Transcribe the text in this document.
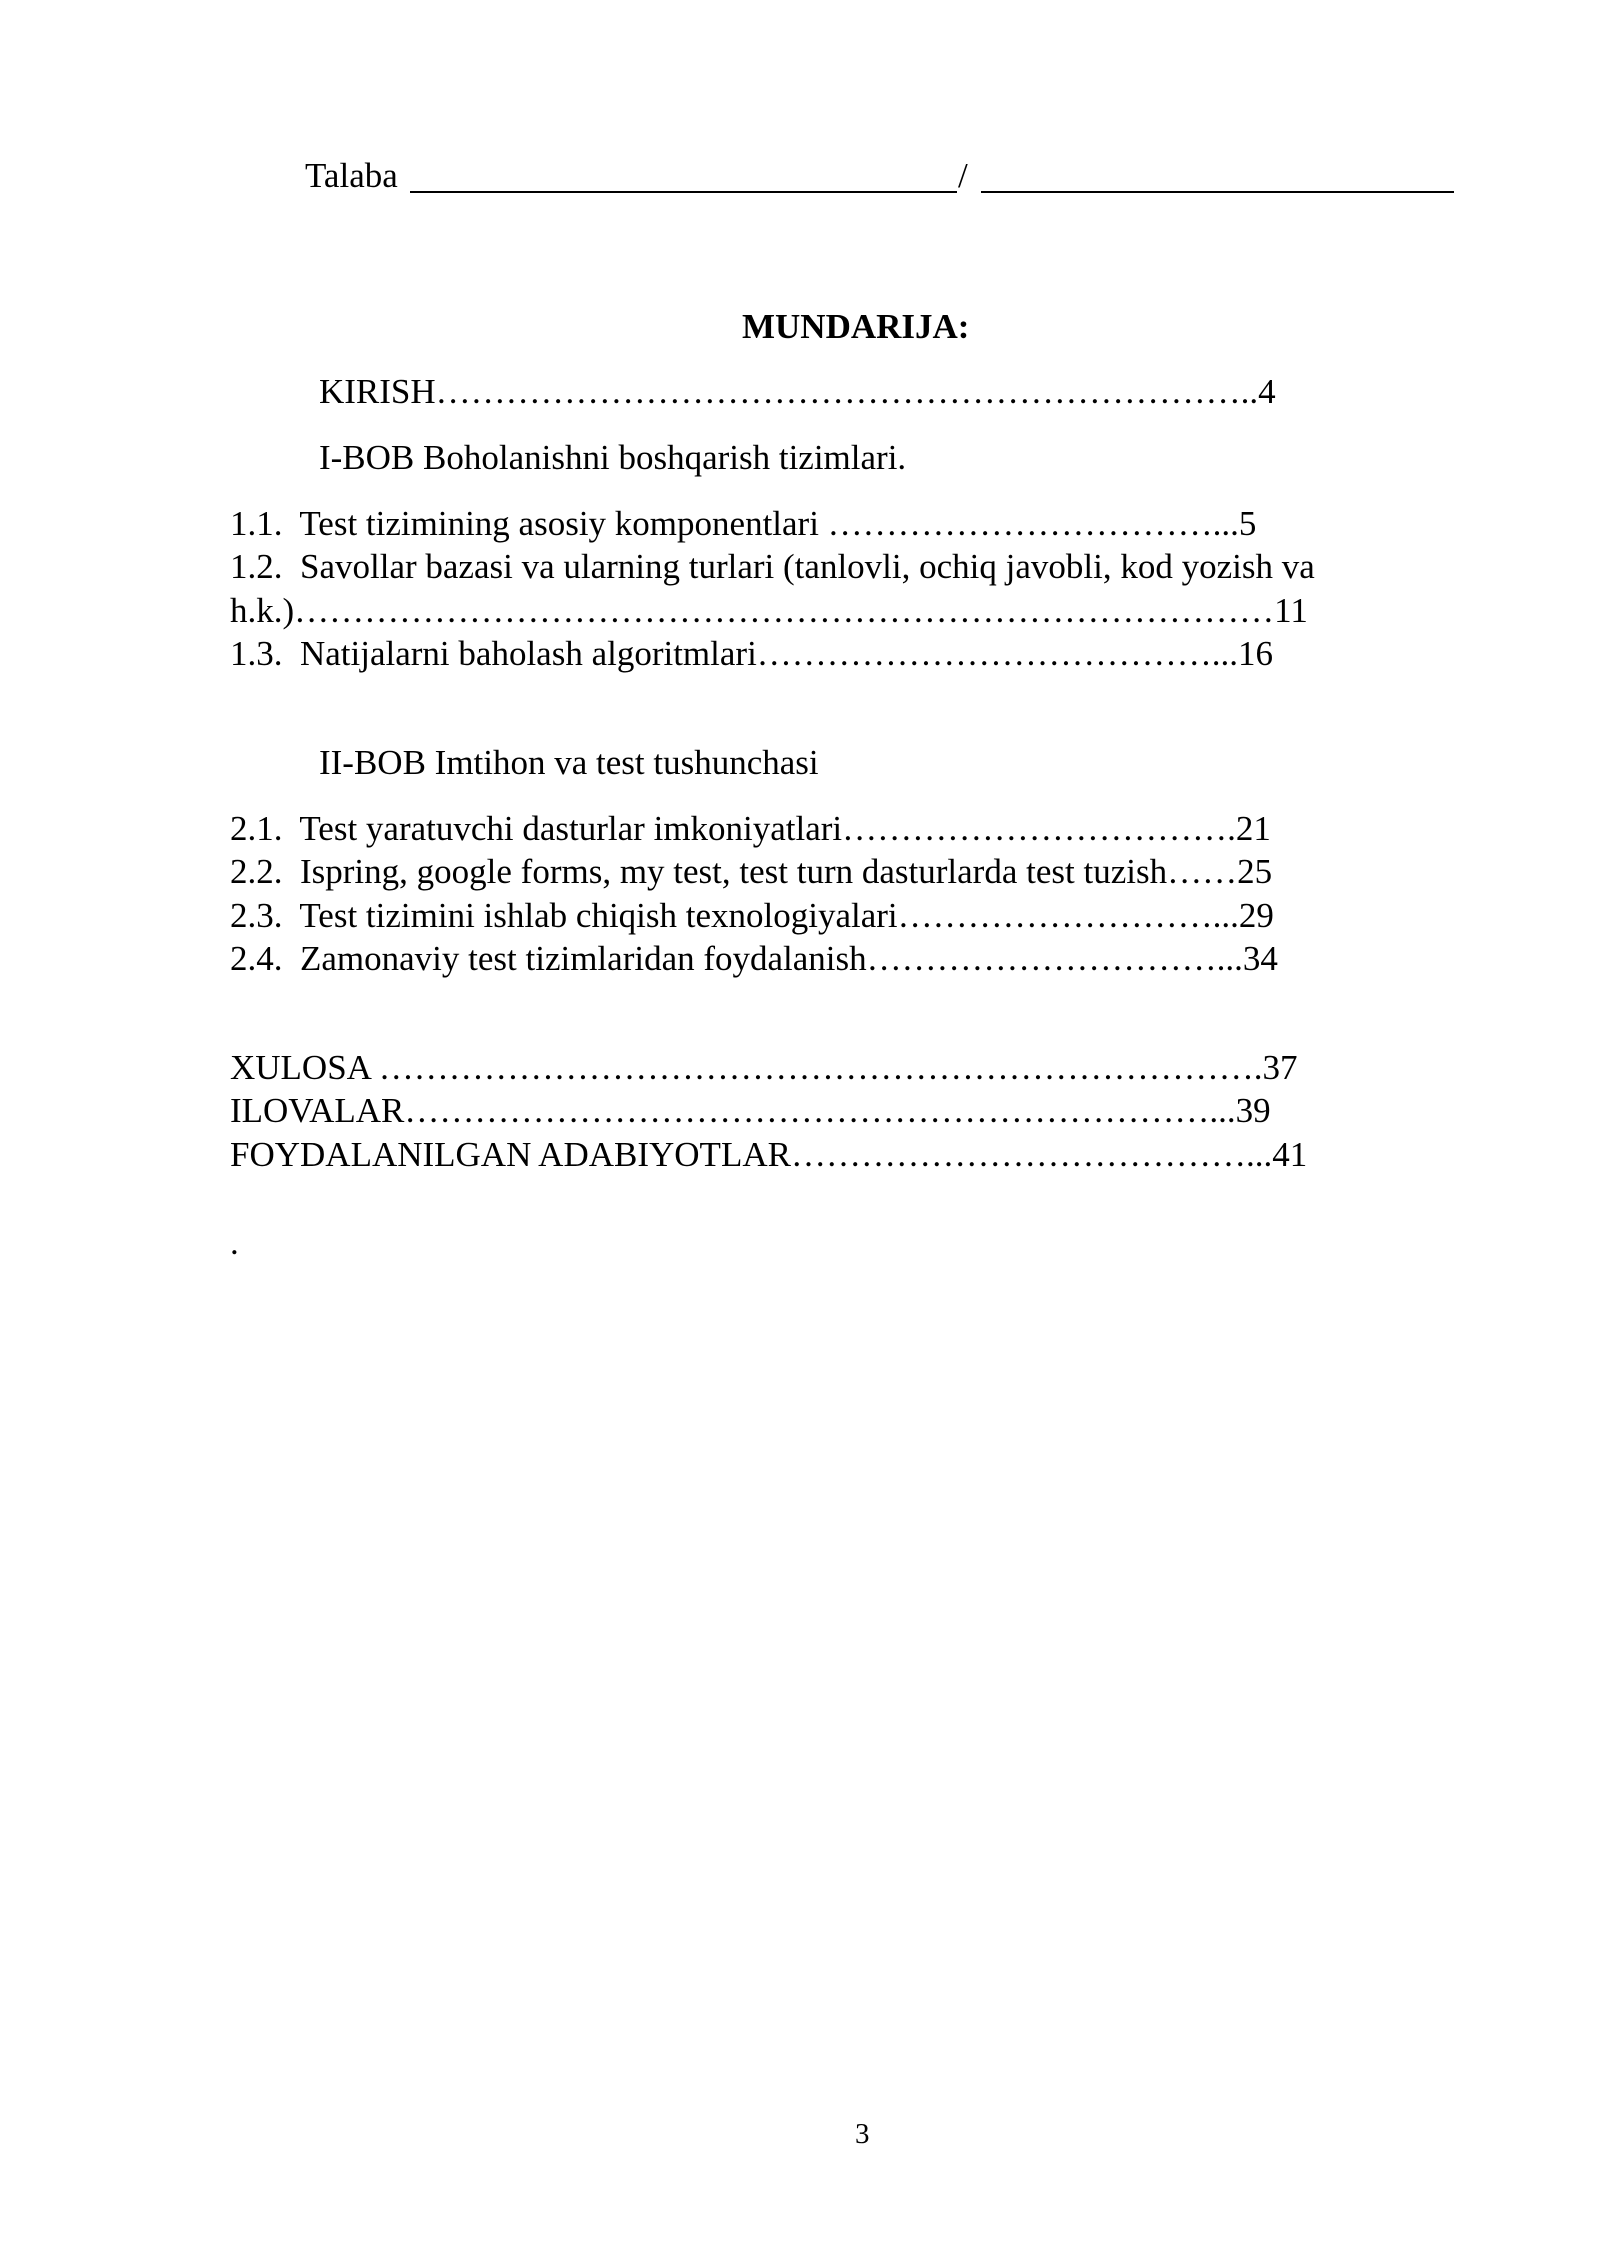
Talaba	/
MUNDARIJA:
KIRISH……………………………………………………………..4
I-BOB Boholanishni boshqarish tizimlari.
1.1.  Test tizimining asosiy komponentlari ……………………………...5
1.2.  Savollar bazasi va ularning turlari (tanlovli, ochiq javobli, kod yozish va
h.k.)…………………………………………………………………………11
1.3.  Natijalarni baholash algoritmlari…………………………………...16
II-BOB Imtihon va test tushunchasi
2.1.  Test yaratuvchi dasturlar imkoniyatlari…………………………….21
2.2.  Ispring, google forms, my test, test turn dasturlarda test tuzish……25
2.3.  Test tizimini ishlab chiqish texnologiyalari………………………...29
2.4.  Zamonaviy test tizimlaridan foydalanish…………………………...34
XULOSA ………………………………………………………………….37
ILOVALAR……………………………………………………………...39
FOYDALANILGAN ADABIYOTLAR…………………………………...41
.
3
